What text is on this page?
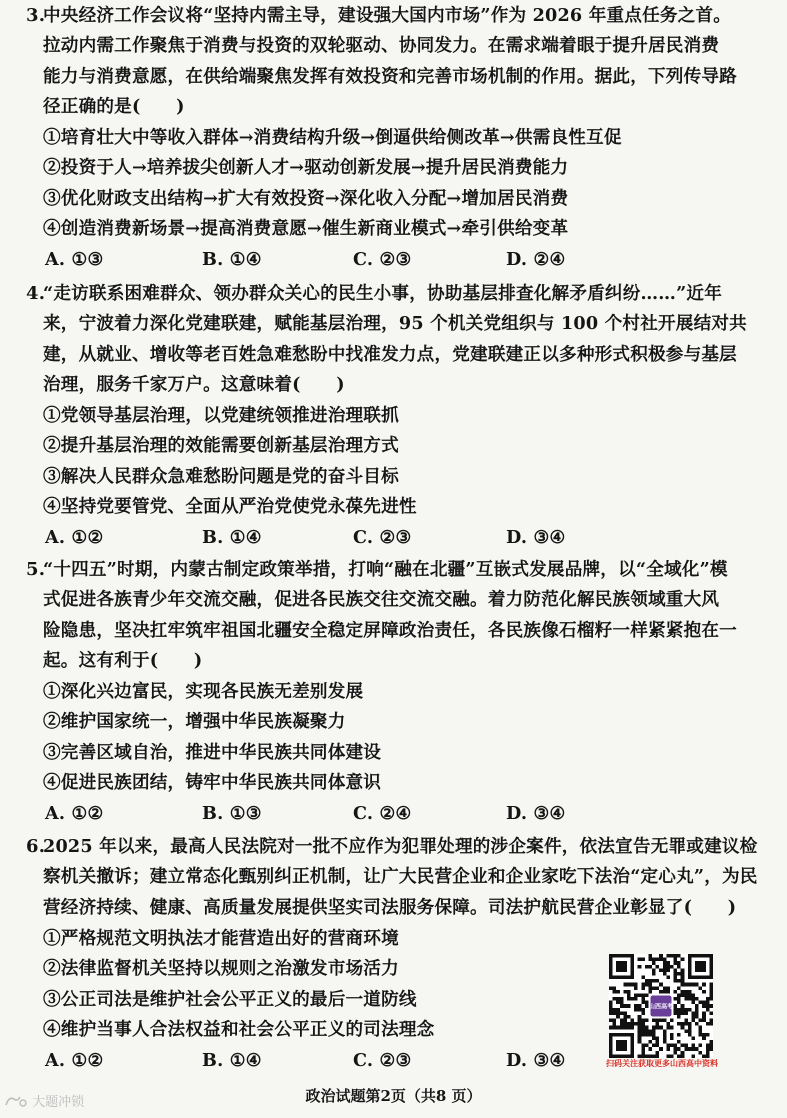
3.
中央经济工作会议将“坚持内需主导，建设强大国内市场”作为 2026 年重点任务之首。
拉动内需工作聚焦于消费与投资的双轮驱动、协同发力。在需求端着眼于提升居民消费
能力与消费意愿，在供给端聚焦发挥有效投资和完善市场机制的作用。据此，下列传导路
径正确的是(　　)
①培育壮大中等收入群体→消费结构升级→倒逼供给侧改革→供需良性互促
②投资于人→培养拔尖创新人才→驱动创新发展→提升居民消费能力
③优化财政支出结构→扩大有效投资→深化收入分配→增加居民消费
④创造消费新场景→提高消费意愿→催生新商业模式→牵引供给变革
A. ①③	B. ①④	C. ②③	D. ②④
4.
“走访联系困难群众、领办群众关心的民生小事，协助基层排查化解矛盾纠纷……”近年
来，宁波着力深化党建联建，赋能基层治理，95 个机关党组织与 100 个村社开展结对共
建，从就业、增收等老百姓急难愁盼中找准发力点，党建联建正以多种形式积极参与基层
治理，服务千家万户。这意味着(　　)
①党领导基层治理，以党建统领推进治理联抓
②提升基层治理的效能需要创新基层治理方式
③解决人民群众急难愁盼问题是党的奋斗目标
④坚持党要管党、全面从严治党使党永葆先进性
A. ①②	B. ①④	C. ②③	D. ③④
5.
“十四五”时期，内蒙古制定政策举措，打响“融在北疆”互嵌式发展品牌，以“全域化”模
式促进各族青少年交流交融，促进各民族交往交流交融。着力防范化解民族领域重大风
险隐患，坚决扛牢筑牢祖国北疆安全稳定屏障政治责任，各民族像石榴籽一样紧紧抱在一
起。这有利于(　　)
①深化兴边富民，实现各民族无差别发展
②维护国家统一，增强中华民族凝聚力
③完善区域自治，推进中华民族共同体建设
④促进民族团结，铸牢中华民族共同体意识
A. ①②	B. ①③	C. ②④	D. ③④
6.
2025 年以来，最高人民法院对一批不应作为犯罪处理的涉企案件，依法宣告无罪或建议检
察机关撤诉；建立常态化甄别纠正机制，让广大民营企业和企业家吃下法治“定心丸”，为民
营经济持续、健康、高质量发展提供坚实司法服务保障。司法护航民营企业彰显了(　　)
①严格规范文明执法才能营造出好的营商环境
②法律监督机关坚持以规则之治激发市场活力
③公正司法是维护社会公平正义的最后一道防线
④维护当事人合法权益和社会公平正义的司法理念
A. ①②	B. ①④	C. ②③	D. ③④
山西高考
扫码关注获取更多山西高中资料
政治试题第2页（共8 页）
大题冲锁
